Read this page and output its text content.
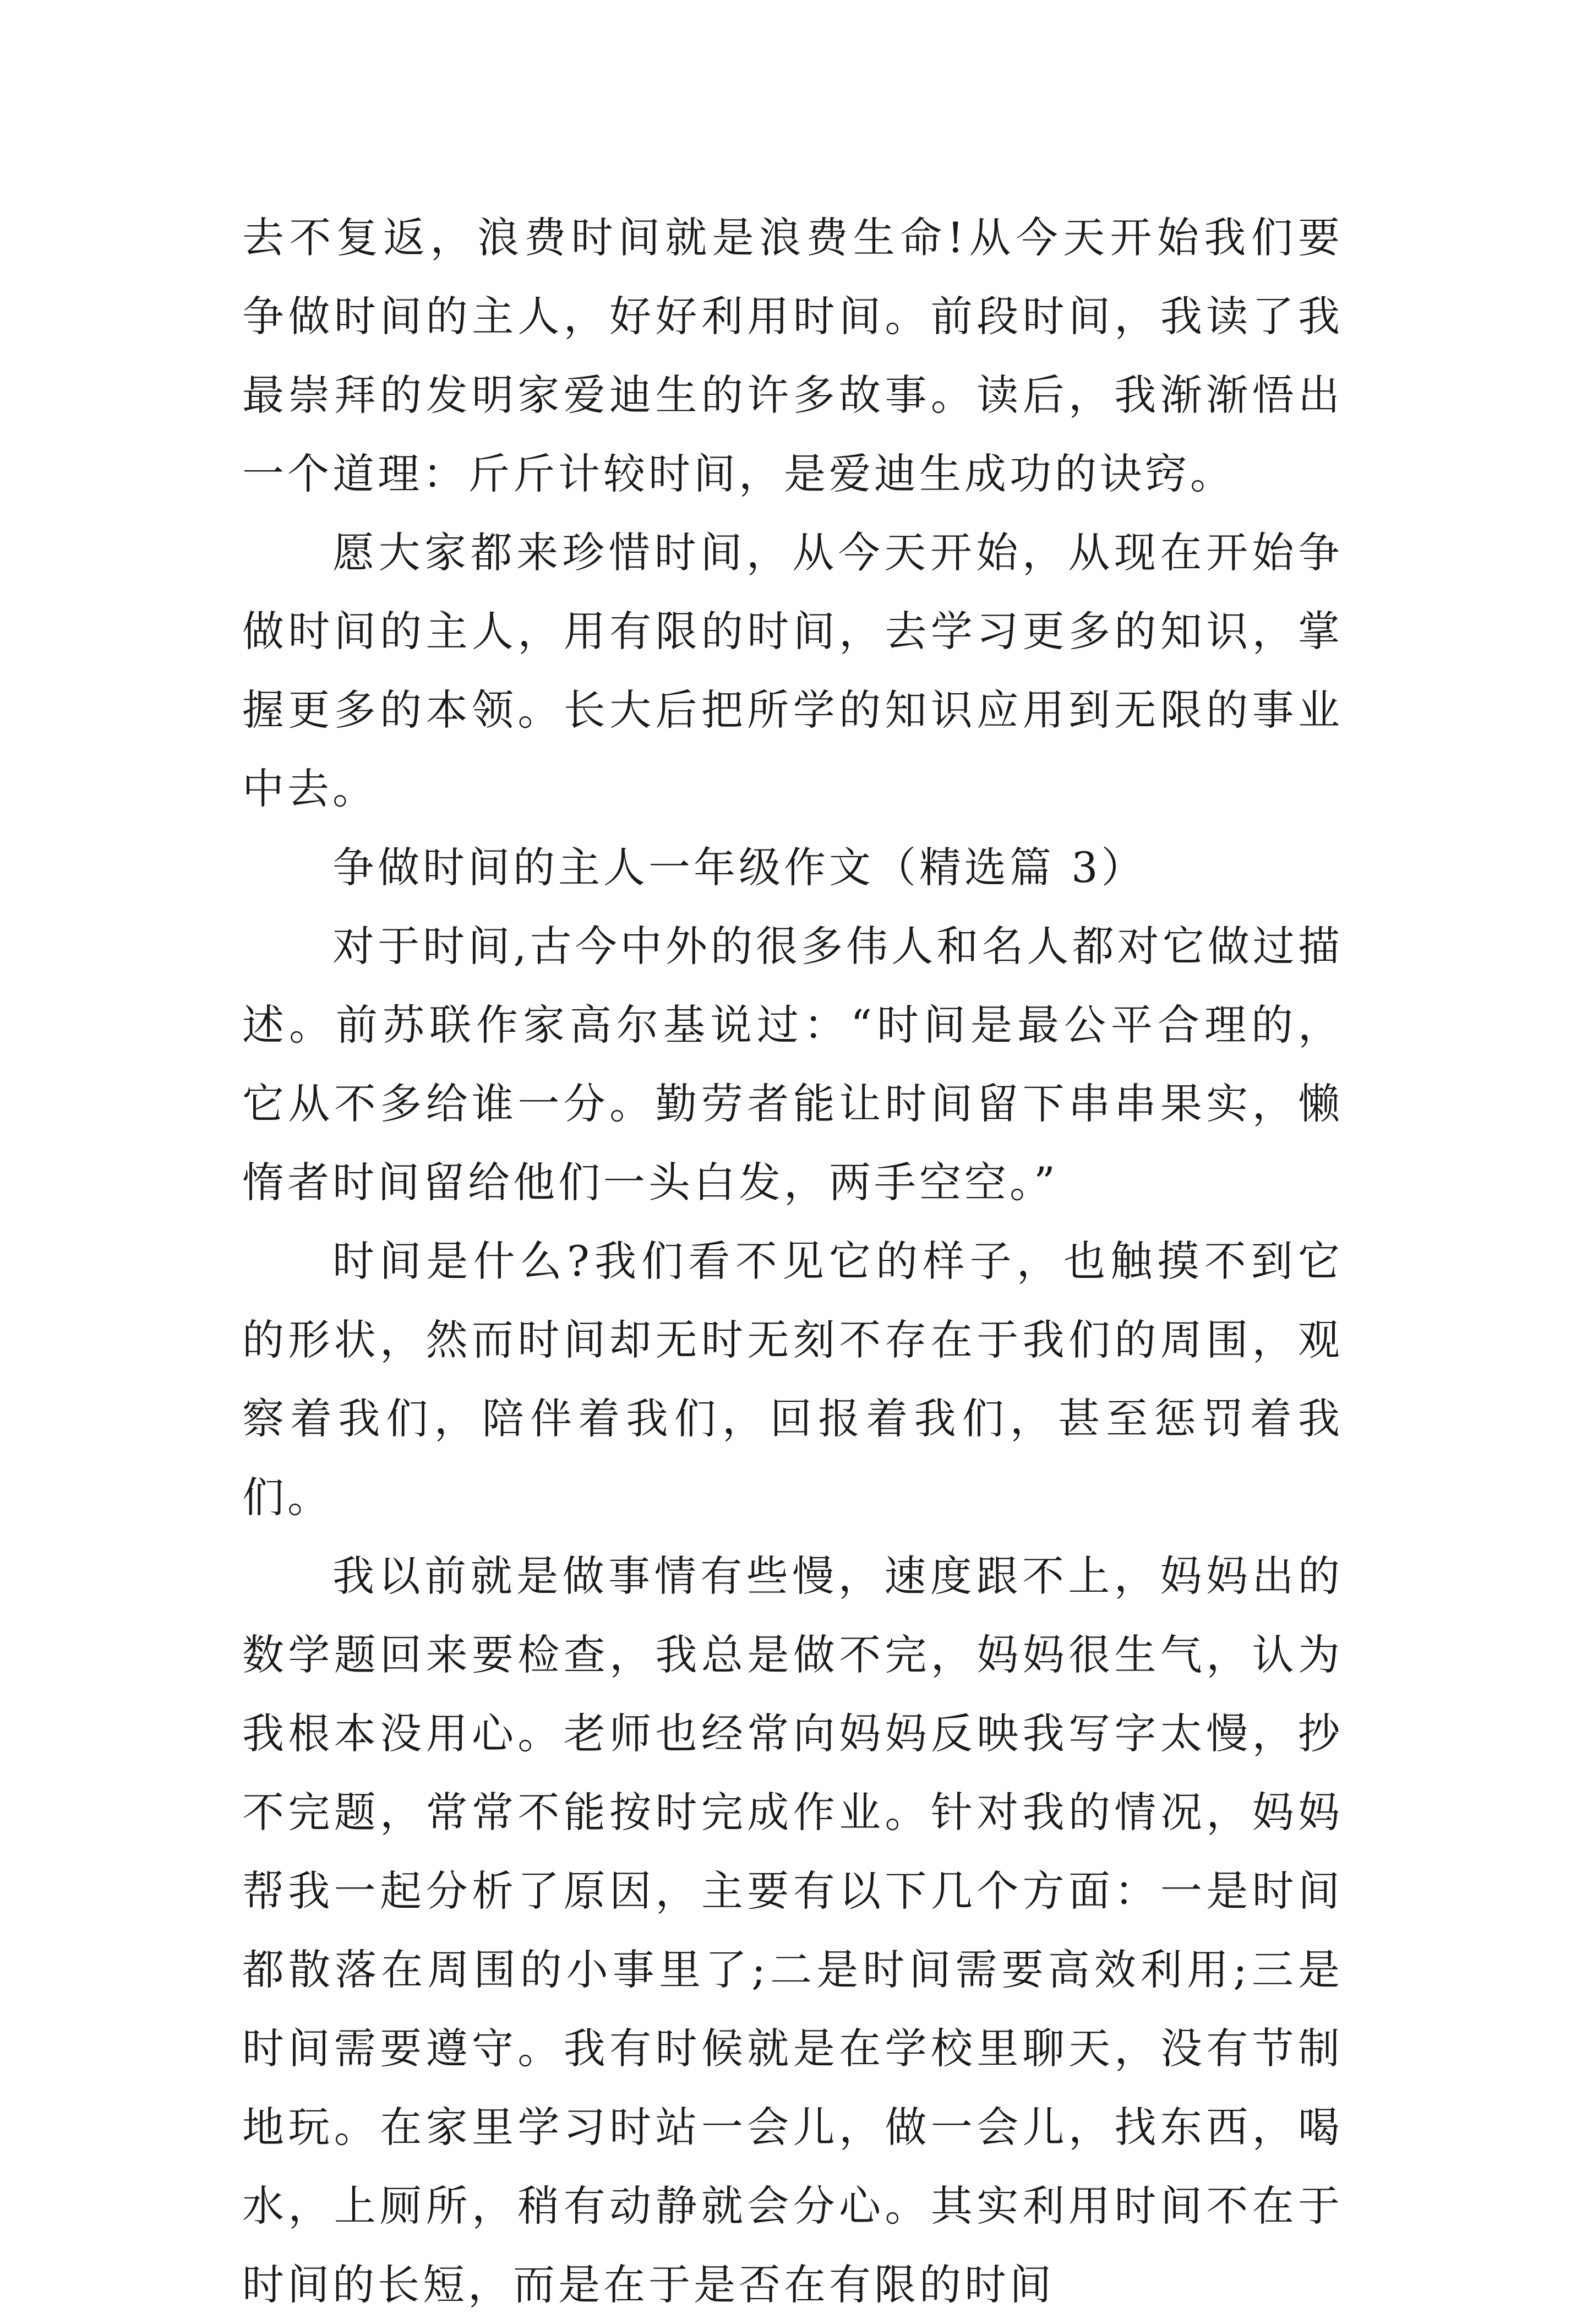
去不复返，浪费时间就是浪费生命!从今天开始我们要争做时间的主人，好好利用时间。前段时间，我读了我最崇拜的发明家爱迪生的许多故事。读后，我渐渐悟出一个道理：斤斤计较时间，是爱迪生成功的诀窍。

愿大家都来珍惜时间，从今天开始，从现在开始争做时间的主人，用有限的时间，去学习更多的知识，掌握更多的本领。长大后把所学的知识应用到无限的事业中去。

争做时间的主人一年级作文（精选篇 3）

对于时间,古今中外的很多伟人和名人都对它做过描述。前苏联作家高尔基说过：“时间是最公平合理的，它从不多给谁一分。勤劳者能让时间留下串串果实，懒惰者时间留给他们一头白发，两手空空。”

时间是什么?我们看不见它的样子，也触摸不到它的形状，然而时间却无时无刻不存在于我们的周围，观察着我们，陪伴着我们，回报着我们，甚至惩罚着我们。

我以前就是做事情有些慢，速度跟不上，妈妈出的数学题回来要检查，我总是做不完，妈妈很生气，认为我根本没用心。老师也经常向妈妈反映我写字太慢，抄不完题，常常不能按时完成作业。针对我的情况，妈妈帮我一起分析了原因，主要有以下几个方面：一是时间都散落在周围的小事里了;二是时间需要高效利用;三是时间需要遵守。我有时候就是在学校里聊天，没有节制地玩。在家里学习时站一会儿，做一会儿，找东西，喝水，上厕所，稍有动静就会分心。其实利用时间不在于时间的长短，而是在于是否在有限的时间
